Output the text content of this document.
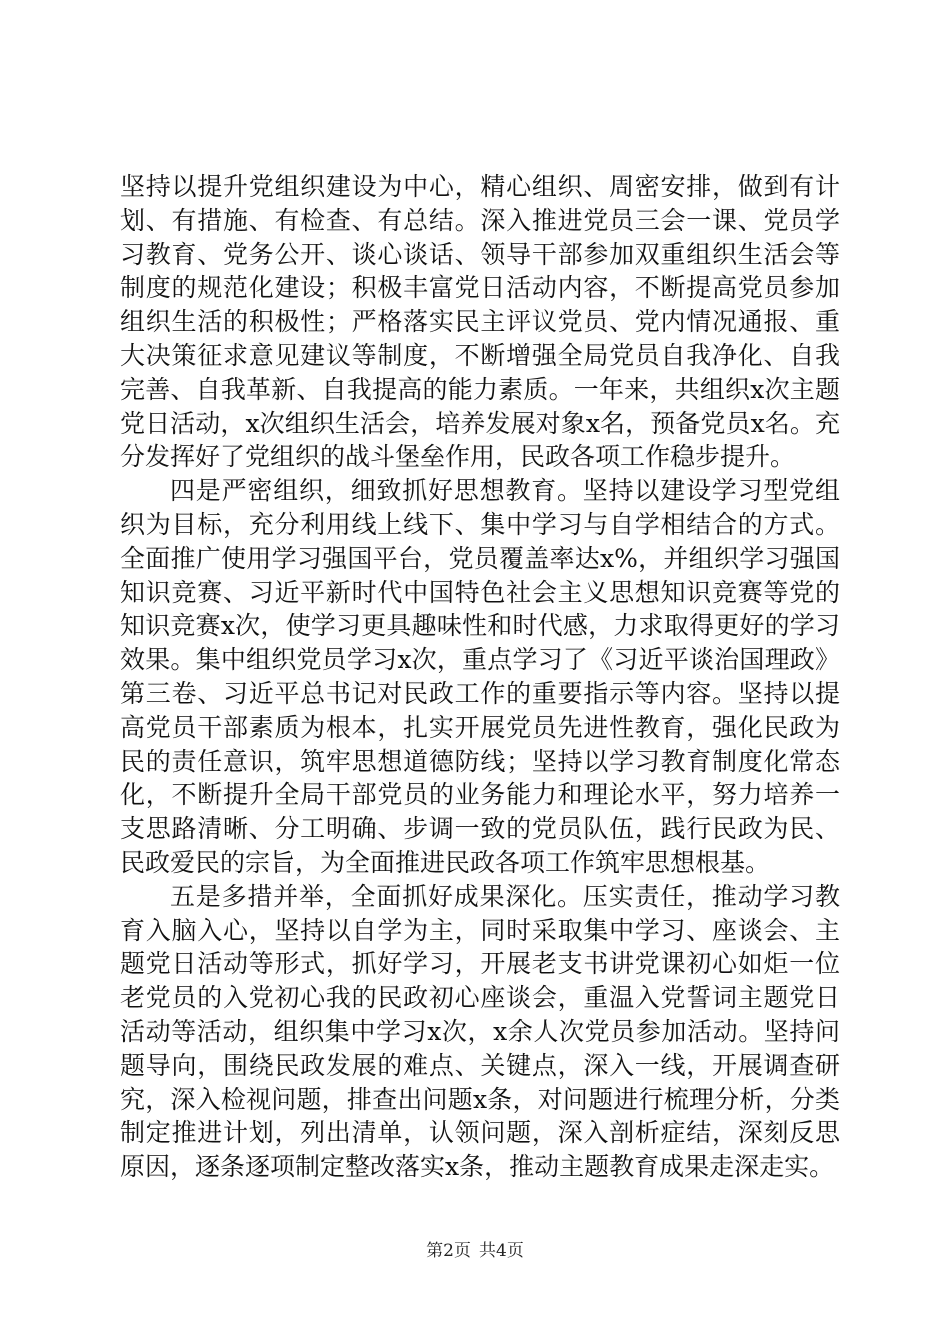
坚持以提升党组织建设为中心，精心组织、周密安排，做到有计划、有措施、有检查、有总结。深入推进党员三会一课、党员学习教育、党务公开、谈心谈话、领导干部参加双重组织生活会等制度的规范化建设；积极丰富党日活动内容，不断提高党员参加组织生活的积极性；严格落实民主评议党员、党内情况通报、重大决策征求意见建议等制度，不断增强全局党员自我净化、自我完善、自我革新、自我提高的能力素质。一年来，共组织x次主题党日活动，x次组织生活会，培养发展对象x名，预备党员x名。充分发挥好了党组织的战斗堡垒作用，民政各项工作稳步提升。

四是严密组织，细致抓好思想教育。坚持以建设学习型党组织为目标，充分利用线上线下、集中学习与自学相结合的方式。全面推广使用学习强国平台，党员覆盖率达x%，并组织学习强国知识竞赛、习近平新时代中国特色社会主义思想知识竞赛等党的知识竞赛x次，使学习更具趣味性和时代感，力求取得更好的学习效果。集中组织党员学习x次，重点学习了《习近平谈治国理政》第三卷、习近平总书记对民政工作的重要指示等内容。坚持以提高党员干部素质为根本，扎实开展党员先进性教育，强化民政为民的责任意识，筑牢思想道德防线；坚持以学习教育制度化常态化，不断提升全局干部党员的业务能力和理论水平，努力培养一支思路清晰、分工明确、步调一致的党员队伍，践行民政为民、民政爱民的宗旨，为全面推进民政各项工作筑牢思想根基。

五是多措并举，全面抓好成果深化。压实责任，推动学习教育入脑入心，坚持以自学为主，同时采取集中学习、座谈会、主题党日活动等形式，抓好学习，开展老支书讲党课初心如炬一位老党员的入党初心我的民政初心座谈会，重温入党誓词主题党日活动等活动，组织集中学习x次，x余人次党员参加活动。坚持问题导向，围绕民政发展的难点、关键点，深入一线，开展调查研究，深入检视问题，排查出问题x条，对问题进行梳理分析，分类制定推进计划，列出清单，认领问题，深入剖析症结，深刻反思原因，逐条逐项制定整改落实x条，推动主题教育成果走深走实。

第2页 共4页
